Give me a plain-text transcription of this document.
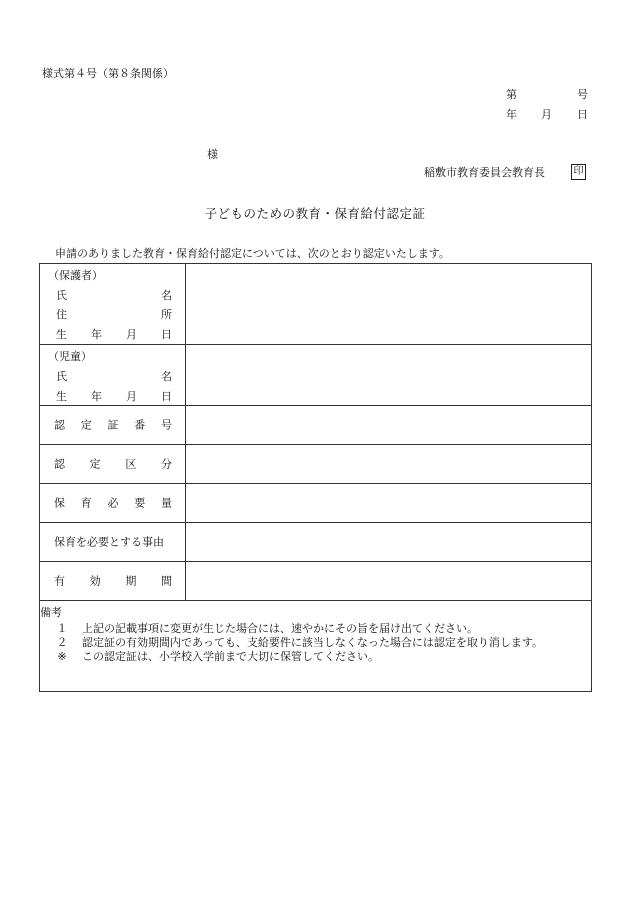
様式第４号（第８条関係）
第	号
年 月 日
様
稲敷市教育委員会教育長	印
子どものための教育・保育給付認定証
申請のありました教育・保育給付認定については、次のとおり認定いたします。
（保護者）
氏	名
住	所
生 年 月 日
（児童）
氏	名
生 年 月 日
認 定 証 番 号
認 定 区 分
保 育 必 要 量
保育を必要とする事由
有 効 期 間
備考
１	上記の記載事項に変更が生じた場合には、速やかにその旨を届け出てください。
２	認定証の有効期間内であっても、支給要件に該当しなくなった場合には認定を取り消します。
※	この認定証は、小学校入学前まで大切に保管してください。
